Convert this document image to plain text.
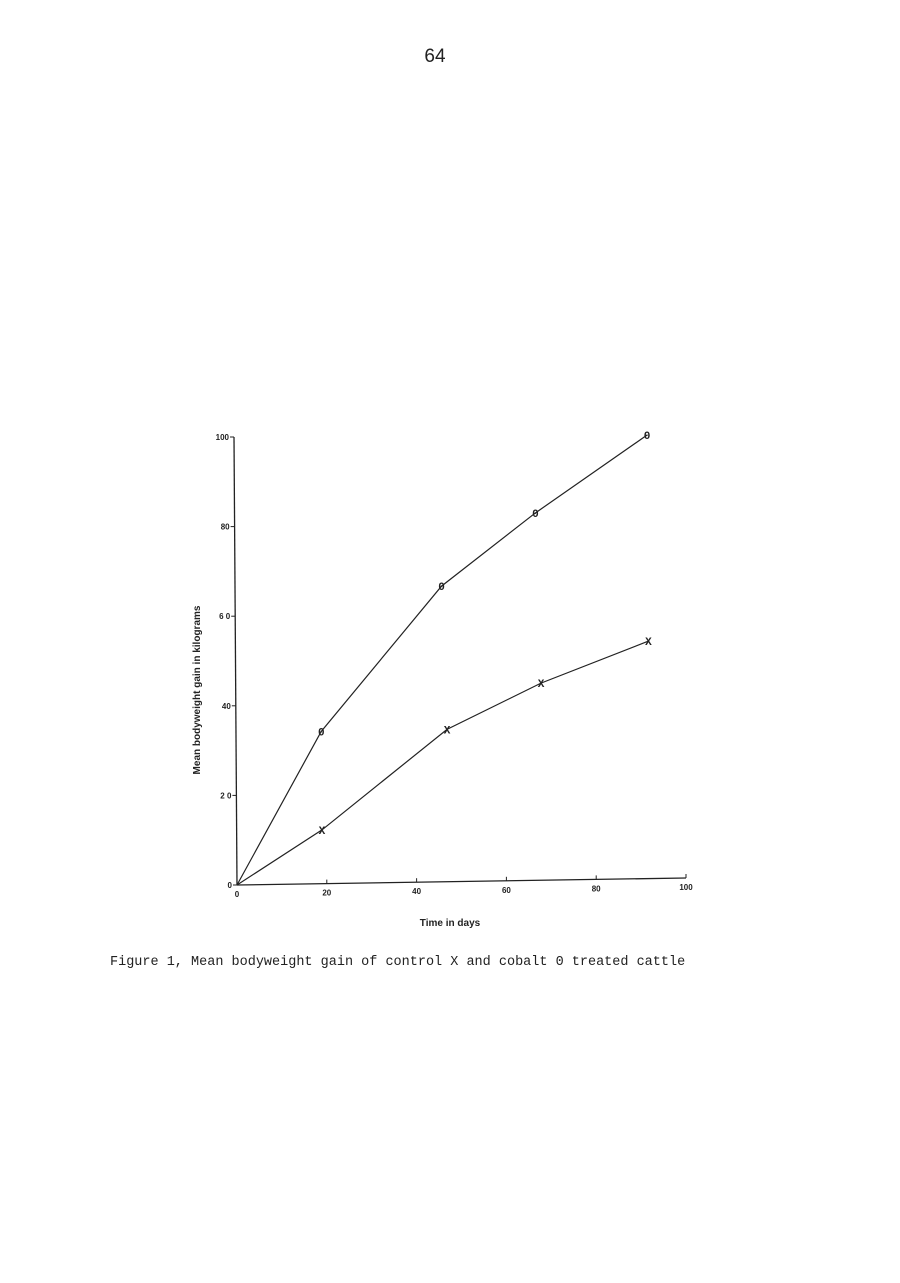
64
0	20	40	60	80	100
0
2 0
40
6 0
80
100
0
0
0
0
X
X
X
X
Time in days
Mean bodyweight gain in kilograms
Figure 1, Mean bodyweight gain of control X and cobalt 0 treated cattle
